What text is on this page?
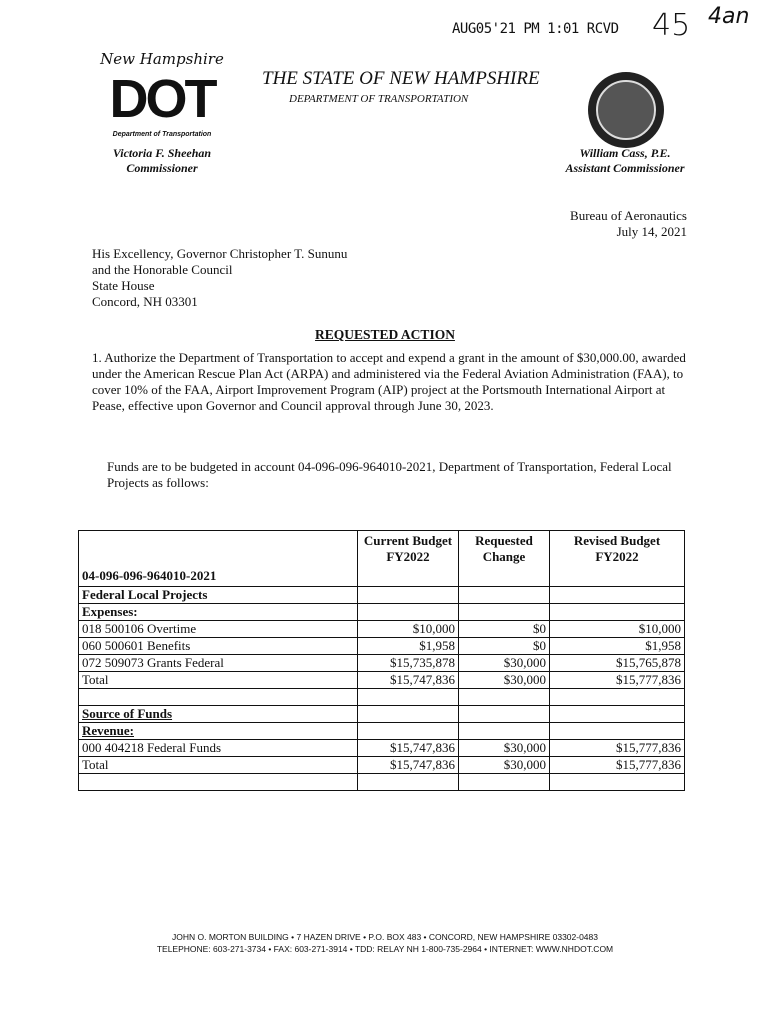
AUG05'21 PM 1:01 RCVD 45 4an
New Hampshire
DOT
Department of Transportation
THE STATE OF NEW HAMPSHIRE
DEPARTMENT OF TRANSPORTATION
Victoria F. Sheehan
Commissioner
William Cass, P.E.
Assistant Commissioner
Bureau of Aeronautics
July 14, 2021
His Excellency, Governor Christopher T. Sununu
and the Honorable Council
State House
Concord, NH 03301
REQUESTED ACTION

1. Authorize the Department of Transportation to accept and expend a grant in the amount of $30,000.00, awarded under the American Rescue Plan Act (ARPA) and administered via the Federal Aviation Administration (FAA), to cover 10% of the FAA, Airport Improvement Program (AIP) project at the Portsmouth International Airport at Pease, effective upon Governor and Council approval through June 30, 2023.

Funds are to be budgeted in account 04-096-096-964010-2021, Department of Transportation, Federal Local Projects as follows:

04-096-096-964010-2021	Current Budget FY2022	Requested Change	Revised Budget FY2022
Federal Local Projects			
Expenses:			
018 500106 Overtime	$10,000	$0	$10,000
060 500601 Benefits	$1,958	$0	$1,958
072 509073 Grants Federal	$15,735,878	$30,000	$15,765,878
Total	$15,747,836	$30,000	$15,777,836

Source of Funds			
Revenue:			
000 404218 Federal Funds	$15,747,836	$30,000	$15,777,836
Total	$15,747,836	$30,000	$15,777,836

JOHN O. MORTON BUILDING • 7 HAZEN DRIVE • P.O. BOX 483 • CONCORD, NEW HAMPSHIRE 03302-0483
TELEPHONE: 603-271-3734 • FAX: 603-271-3914 • TDD: RELAY NH 1-800-735-2964 • INTERNET: WWW.NHDOT.COM
